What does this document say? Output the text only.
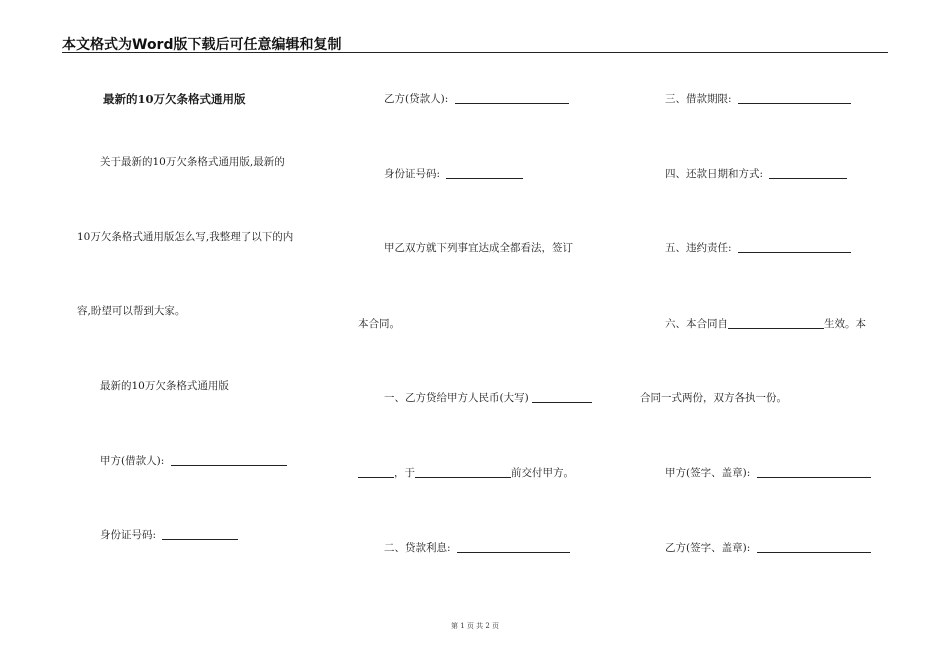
本文格式为Word版下载后可任意编辑和复制
最新的10万欠条格式通用版
关于最新的10万欠条格式通用版,最新的
10万欠条格式通用版怎么写,我整理了以下的内
容,盼望可以帮到大家。
最新的10万欠条格式通用版
甲方(借款人):
身份证号码:
乙方(贷款人):
身份证号码:
甲乙双方就下列事宜达成全都看法，签订
本合同。
一、乙方贷给甲方人民币(大写)
，于	前交付甲方。
二、贷款利息:
三、借款期限:
四、还款日期和方式:
五、违约责任:
六、本合同自	生效。本
合同一式两份，双方各执一份。
甲方(签字、盖章):
乙方(签字、盖章):
第 1 页 共 2 页
